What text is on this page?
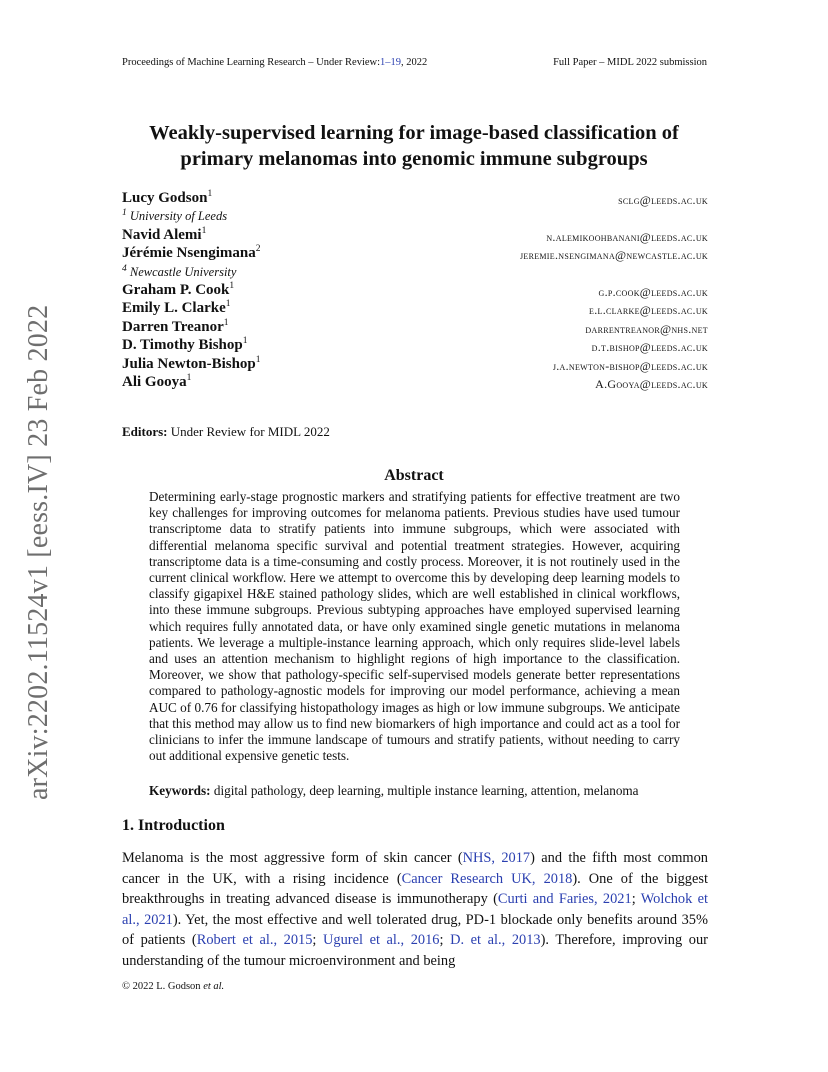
arXiv:2202.11524v1 [eess.IV] 23 Feb 2022
Proceedings of Machine Learning Research – Under Review:1–19, 2022	Full Paper – MIDL 2022 submission
Weakly-supervised learning for image-based classification of
primary melanomas into genomic immune subgroups
Lucy Godson$^1$	sclg@leeds.ac.uk
$^1$ University of Leeds
Navid Alemi$^1$	n.alemikoohbanani@leeds.ac.uk
Jérémie Nsengimana$^2$	jeremie.nsengimana@newcastle.ac.uk
$^4$ Newcastle University
Graham P. Cook$^1$	g.p.cook@leeds.ac.uk
Emily L. Clarke$^1$	e.l.clarke@leeds.ac.uk
Darren Treanor$^1$	darrentreanor@nhs.net
D. Timothy Bishop$^1$	d.t.bishop@leeds.ac.uk
Julia Newton-Bishop$^1$	j.a.newton-bishop@leeds.ac.uk
Ali Gooya$^1$	A.Gooya@leeds.ac.uk
Editors: Under Review for MIDL 2022
Abstract
Determining early-stage prognostic markers and stratifying patients for effective treatment are two key challenges for improving outcomes for melanoma patients. Previous studies have used tumour transcriptome data to stratify patients into immune subgroups, which were associated with differential melanoma specific survival and potential treatment strategies. However, acquiring transcriptome data is a time-consuming and costly process. Moreover, it is not routinely used in the current clinical workflow. Here we attempt to overcome this by developing deep learning models to classify gigapixel H&E stained pathology slides, which are well established in clinical workflows, into these immune subgroups. Previous subtyping approaches have employed supervised learning which requires fully annotated data, or have only examined single genetic mutations in melanoma patients. We leverage a multiple-instance learning approach, which only requires slide-level labels and uses an attention mechanism to highlight regions of high importance to the classification. Moreover, we show that pathology-specific self-supervised models generate better representations compared to pathology-agnostic models for improving our model performance, achieving a mean AUC of 0.76 for classifying histopathology images as high or low immune subgroups. We anticipate that this method may allow us to find new biomarkers of high importance and could act as a tool for clinicians to infer the immune landscape of tumours and stratify patients, without needing to carry out additional expensive genetic tests.
Keywords: digital pathology, deep learning, multiple instance learning, attention, melanoma
1. Introduction
Melanoma is the most aggressive form of skin cancer (NHS, 2017) and the fifth most common cancer in the UK, with a rising incidence (Cancer Research UK, 2018). One of the biggest breakthroughs in treating advanced disease is immunotherapy (Curti and Faries, 2021; Wolchok et al., 2021). Yet, the most effective and well tolerated drug, PD-1 blockade only benefits around 35% of patients (Robert et al., 2015; Ugurel et al., 2016; D. et al., 2013). Therefore, improving our understanding of the tumour microenvironment and being
© 2022 L. Godson et al.
